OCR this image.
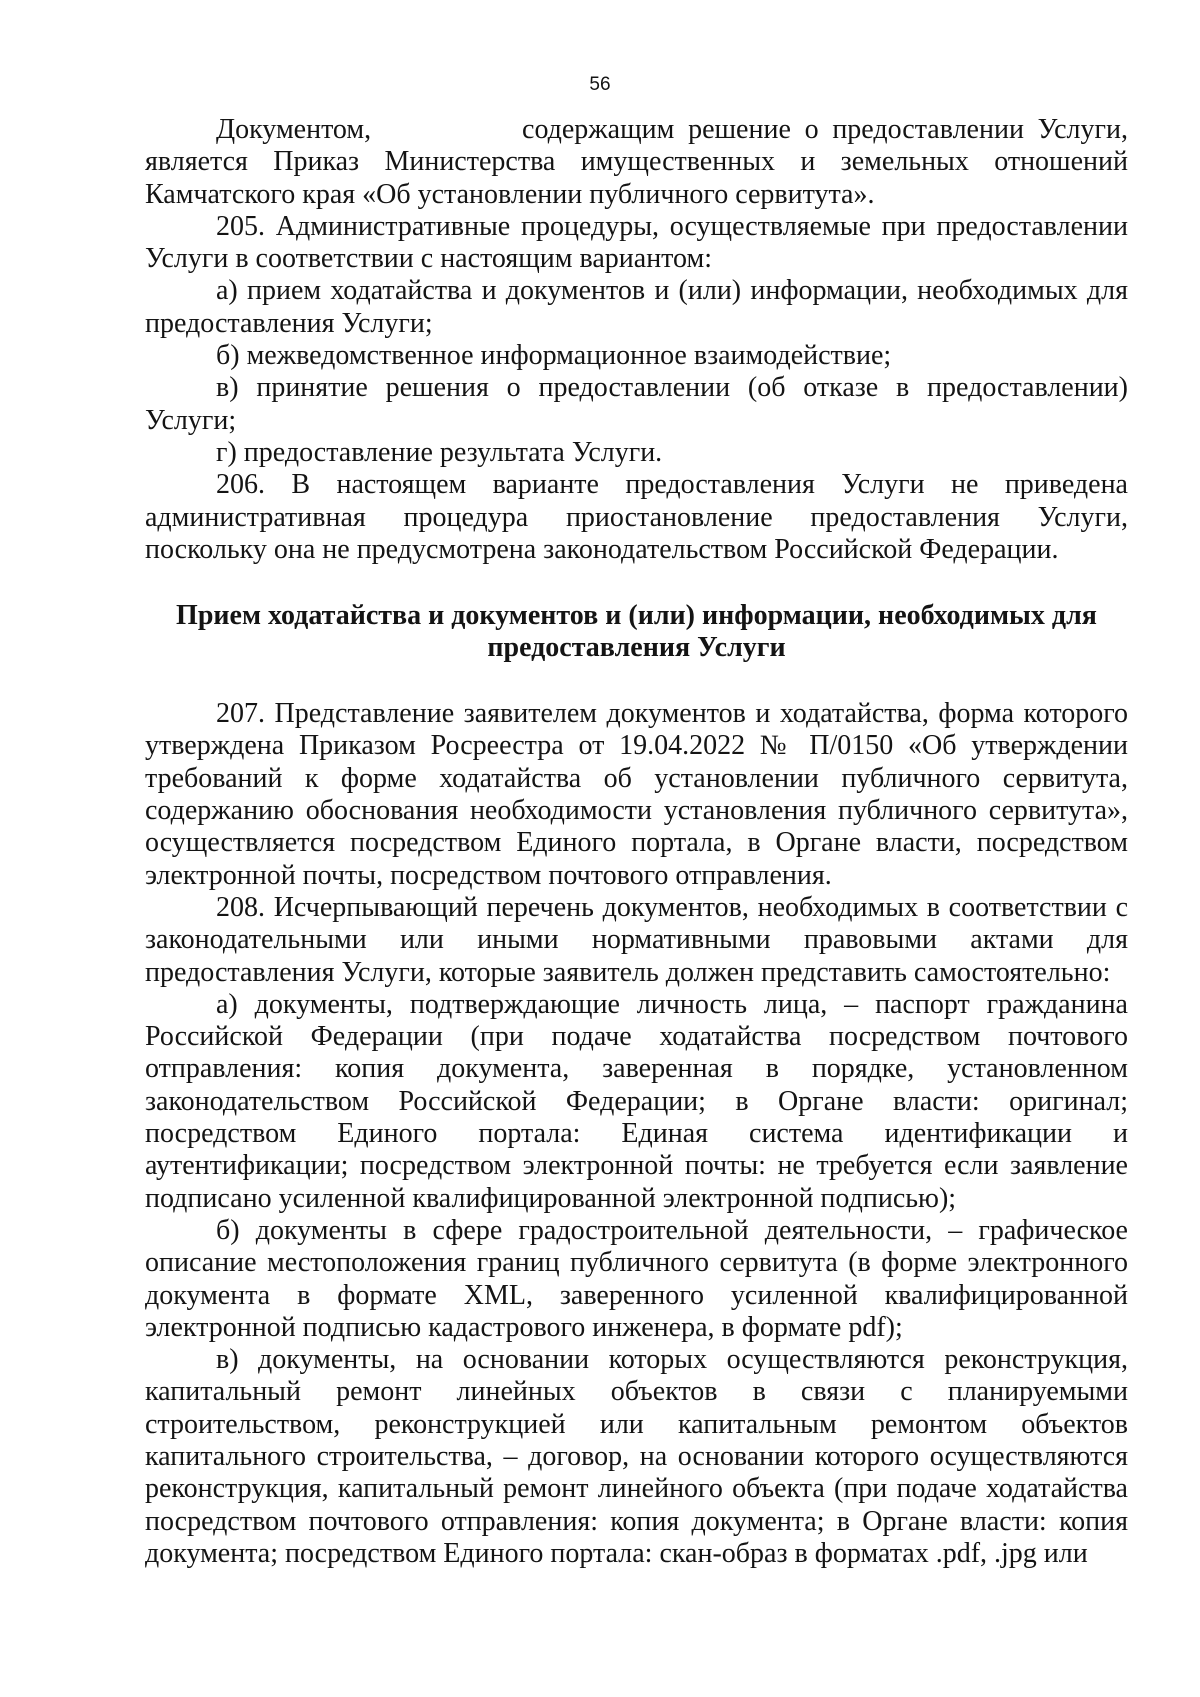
56

Документом,           содержащим решение о предоставлении Услуги, является Приказ Министерства имущественных и земельных отношений Камчатского края «Об установлении публичного сервитута».

205. Административные процедуры, осуществляемые при предоставлении Услуги в соответствии с настоящим вариантом:

а) прием ходатайства и документов и (или) информации, необходимых для предоставления Услуги;

б) межведомственное информационное взаимодействие;

в) принятие решения о предоставлении (об отказе в предоставлении) Услуги;

г) предоставление результата Услуги.

206. В настоящем варианте предоставления Услуги не приведена административная процедура приостановление предоставления Услуги, поскольку она не предусмотрена законодательством Российской Федерации.

Прием ходатайства и документов и (или) информации, необходимых для предоставления Услуги

207. Представление заявителем документов и ходатайства, форма которого утверждена Приказом Росреестра от 19.04.2022 № П/0150 «Об утверждении требований к форме ходатайства об установлении публичного сервитута, содержанию обоснования необходимости установления публичного сервитута», осуществляется посредством Единого портала, в Органе власти, посредством электронной почты, посредством почтового отправления.

208. Исчерпывающий перечень документов, необходимых в соответствии с законодательными или иными нормативными правовыми актами для предоставления Услуги, которые заявитель должен представить самостоятельно:

а) документы, подтверждающие личность лица, – паспорт гражданина Российской Федерации (при подаче ходатайства посредством почтового отправления: копия документа, заверенная в порядке, установленном законодательством Российской Федерации; в Органе власти: оригинал; посредством Единого портала: Единая система идентификации и аутентификации; посредством электронной почты: не требуется если заявление подписано усиленной квалифицированной электронной подписью);

б) документы в сфере градостроительной деятельности, – графическое описание местоположения границ публичного сервитута (в форме электронного документа в формате XML, заверенного усиленной квалифицированной электронной подписью кадастрового инженера, в формате pdf);

в) документы, на основании которых осуществляются реконструкция, капитальный ремонт линейных объектов в связи с планируемыми строительством, реконструкцией или капитальным ремонтом объектов капитального строительства, – договор, на основании которого осуществляются реконструкция, капитальный ремонт линейного объекта (при подаче ходатайства посредством почтового отправления: копия документа; в Органе власти: копия документа; посредством Единого портала: скан-образ в форматах .pdf, .jpg или
